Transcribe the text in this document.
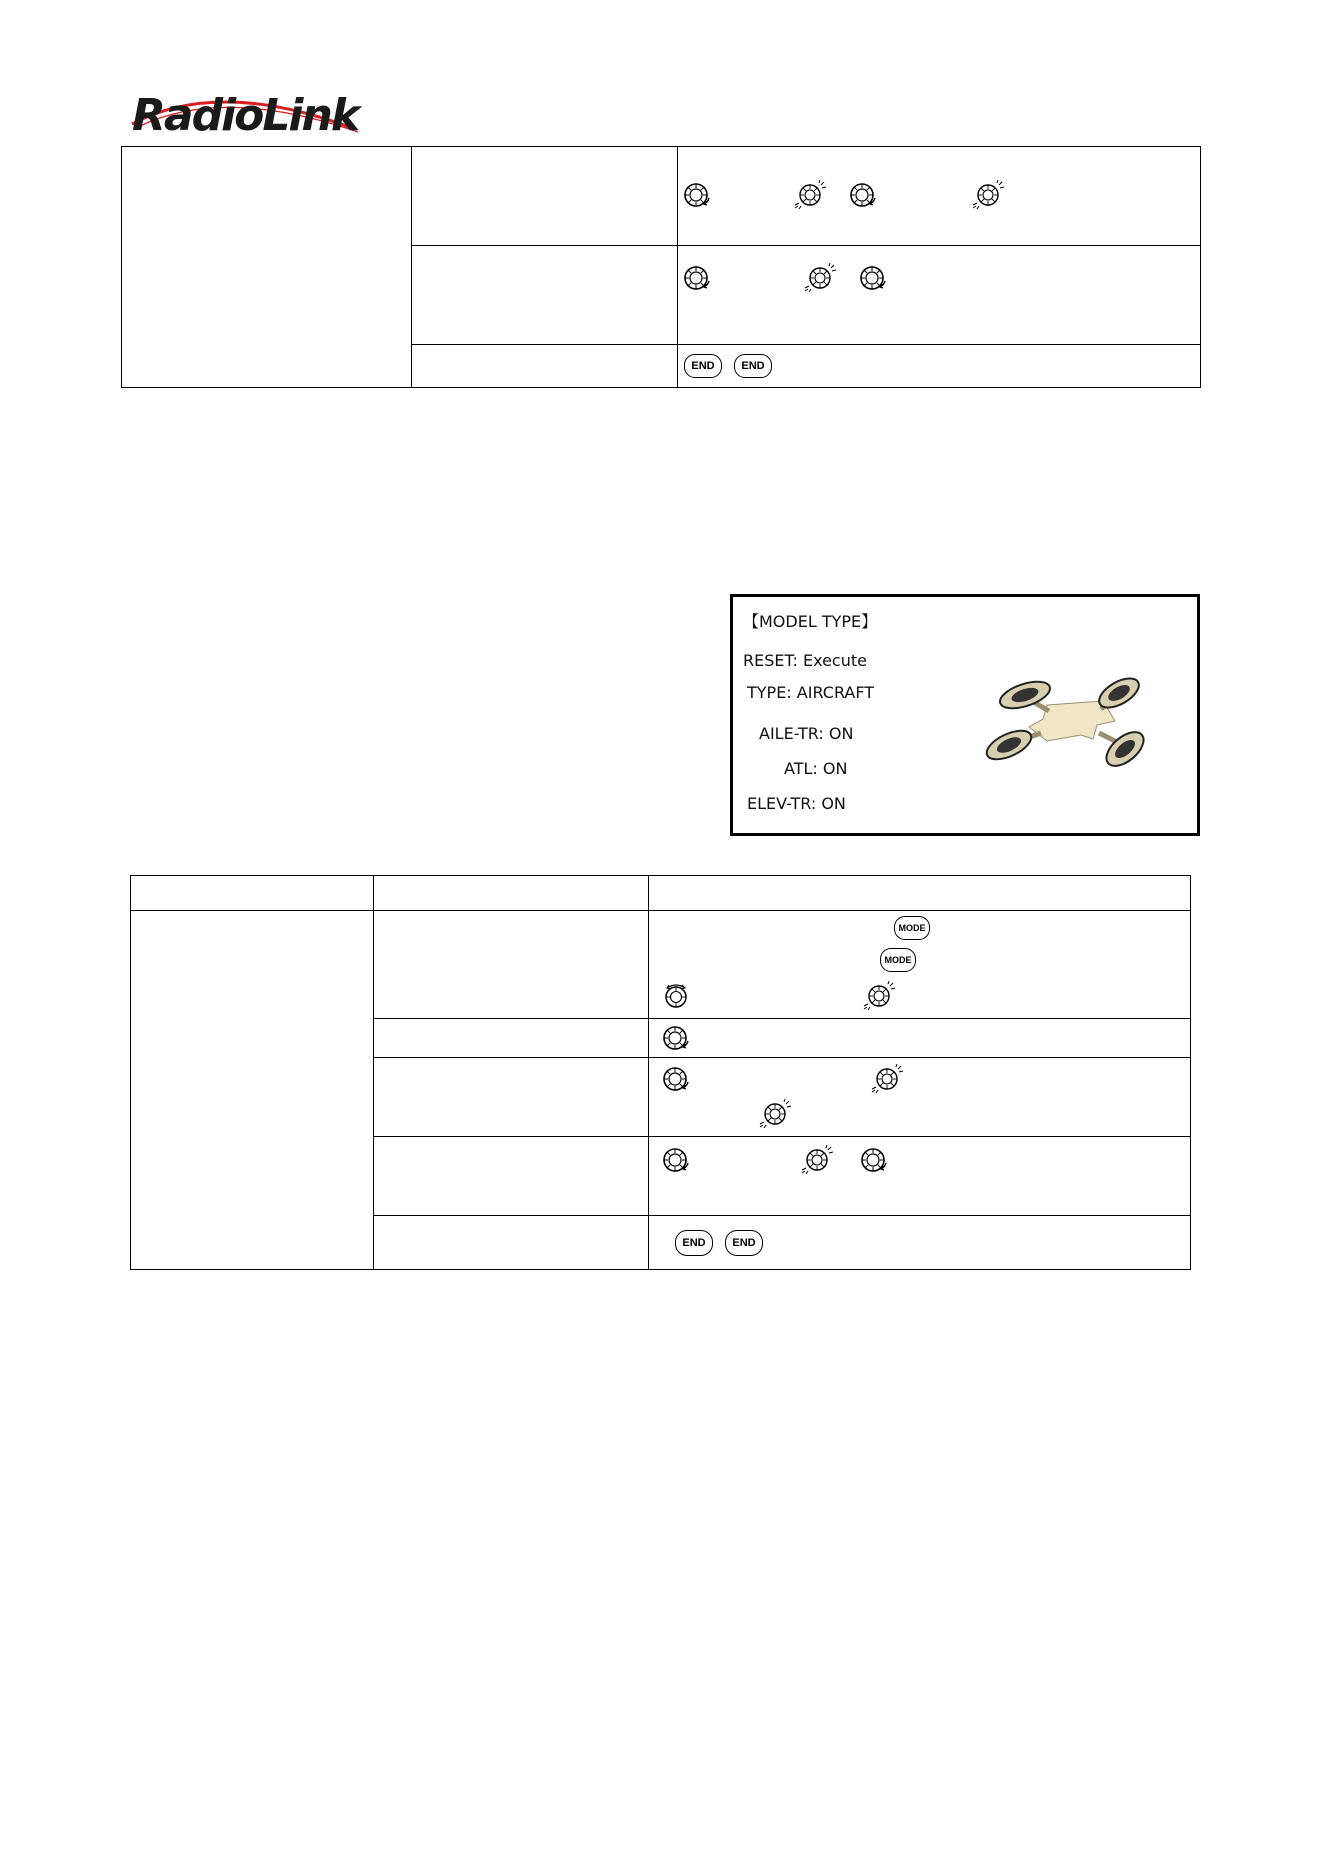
RadioLink

		END END
【MODEL TYPE】
RESET: Execute
TYPE: AIRCRAFT
AILE-TR: ON
ATL: ON
ELEV-TR: ON

		MODE
MODE

		END END
